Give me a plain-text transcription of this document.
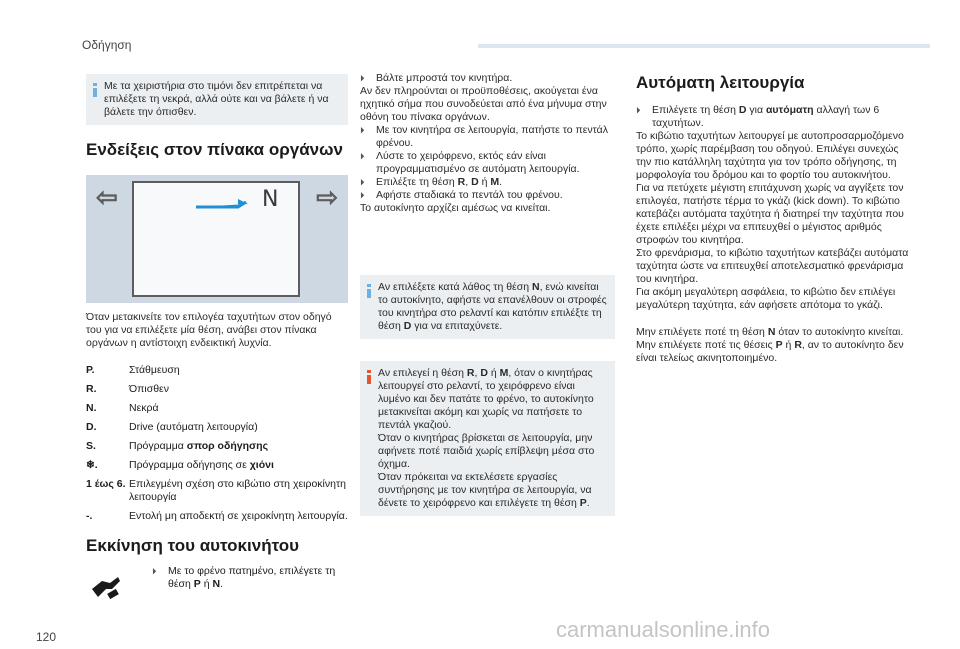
Οδήγηση
Με τα χειριστήρια στο τιμόνι δεν επιτρέπεται να επιλέξετε τη νεκρά, αλλά ούτε και να βάλετε ή να βάλετε την όπισθεν.
Ενδείξεις στον πίνακα οργάνων
⇦	N ⇨

Όταν μετακινείτε τον επιλογέα ταχυτήτων στον οδηγό του για να επιλέξετε μία θέση, ανάβει στον πίνακα οργάνων η αντίστοιχη ενδεικτική λυχνία.

P.	Στάθμευση
R.	Όπισθεν
N.	Νεκρά
D.	Drive (αυτόματη λειτουργία)
S.	Πρόγραμμα σπορ οδήγησης
❄.	Πρόγραμμα οδήγησης σε χιόνι
1 έως 6. Επιλεγμένη σχέση στο κιβώτιο στη χειροκίνητη λειτουργία
-.	Εντολή μη αποδεκτή σε χειροκίνητη λειτουργία.
Εκκίνηση του αυτοκινήτου
⏵ Με το φρένο πατημένο, επιλέγετε τη θέση P ή N.
⏵ Βάλτε μπροστά τον κινητήρα.

Αν δεν πληρούνται οι προϋποθέσεις, ακούγεται ένα ηχητικό σήμα που συνοδεύεται από ένα μήνυμα στην οθόνη του πίνακα οργάνων.

⏵ Με τον κινητήρα σε λειτουργία, πατήστε το πεντάλ φρένου.
⏵ Λύστε το χειρόφρενο, εκτός εάν είναι προγραμματισμένο σε αυτόματη λειτουργία.
⏵ Επιλέξτε τη θέση R, D ή M.
⏵ Αφήστε σταδιακά το πεντάλ του φρένου.

Το αυτοκίνητο αρχίζει αμέσως να κινείται.

Αν επιλέξετε κατά λάθος τη θέση N, ενώ κινείται το αυτοκίνητο, αφήστε να επανέλθουν οι στροφές του κινητήρα στο ρελαντί και κατόπιν επιλέξτε τη θέση D για να επιταχύνετε.
Αν επιλεγεί η θέση R, D ή M, όταν ο κινητήρας λειτουργεί στο ρελαντί, το χειρόφρενο είναι λυμένο και δεν πατάτε το φρένο, το αυτοκίνητο μετακινείται ακόμη και χωρίς να πατήσετε το πεντάλ γκαζιού.
Όταν ο κινητήρας βρίσκεται σε λειτουργία, μην αφήνετε ποτέ παιδιά χωρίς επίβλεψη μέσα στο όχημα.
Όταν πρόκειται να εκτελέσετε εργασίες συντήρησης με τον κινητήρα σε λειτουργία, να δένετε το χειρόφρενο και επιλέγετε τη θέση P.
Αυτόματη λειτουργία
⏵ Επιλέγετε τη θέση D για αυτόματη αλλαγή των 6 ταχυτήτων.

Το κιβώτιο ταχυτήτων λειτουργεί με αυτοπροσαρμοζόμενο τρόπο, χωρίς παρέμβαση του οδηγού. Επιλέγει συνεχώς την πιο κατάλληλη ταχύτητα για τον τρόπο οδήγησης, τη μορφολογία του δρόμου και το φορτίο του αυτοκινήτου.

Για να πετύχετε μέγιστη επιτάχυνση χωρίς να αγγίξετε τον επιλογέα, πατήστε τέρμα το γκάζι (kick down). Το κιβώτιο κατεβάζει αυτόματα ταχύτητα ή διατηρεί την ταχύτητα που έχετε επιλέξει μέχρι να επιτευχθεί ο μέγιστος αριθμός στροφών του κινητήρα.

Στο φρενάρισμα, το κιβώτιο ταχυτήτων κατεβάζει αυτόματα ταχύτητα ώστε να επιτευχθεί αποτελεσματικό φρενάρισμα του κινητήρα.

Για ακόμη μεγαλύτερη ασφάλεια, το κιβώτιο δεν επιλέγει μεγαλύτερη ταχύτητα, εάν αφήσετε απότομα το γκάζι.

Μην επιλέγετε ποτέ τη θέση N όταν το αυτοκίνητο κινείται.

Μην επιλέγετε ποτέ τις θέσεις P ή R, αν το αυτοκίνητο δεν είναι τελείως ακινητοποιημένο.

120	carmanualsonline.info
